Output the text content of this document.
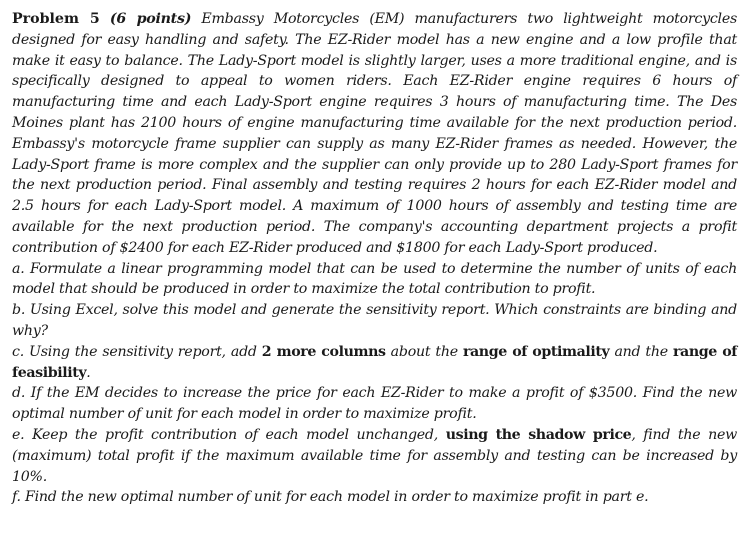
Problem 5 (6 points) Embassy Motorcycles (EM) manufacturers two lightweight motorcycles designed for easy handling and safety. The EZ-Rider model has a new engine and a low profile that make it easy to balance. The Lady-Sport model is slightly larger, uses a more traditional engine, and is specifically designed to appeal to women riders. Each EZ-Rider engine requires 6 hours of manufacturing time and each Lady-Sport engine requires 3 hours of manufacturing time. The Des Moines plant has 2100 hours of engine manufacturing time available for the next production period. Embassy's motorcycle frame supplier can supply as many EZ-Rider frames as needed. However, the Lady-Sport frame is more complex and the supplier can only provide up to 280 Lady-Sport frames for the next production period. Final assembly and testing requires 2 hours for each EZ-Rider model and 2.5 hours for each Lady-Sport model. A maximum of 1000 hours of assembly and testing time are available for the next production period. The company's accounting department projects a profit contribution of $2400 for each EZ-Rider produced and $1800 for each Lady-Sport produced.

a. Formulate a linear programming model that can be used to determine the number of units of each model that should be produced in order to maximize the total contribution to profit.

b. Using Excel, solve this model and generate the sensitivity report. Which constraints are binding and why?

c. Using the sensitivity report, add 2 more columns about the range of optimality and the range of feasibility.

d. If the EM decides to increase the price for each EZ-Rider to make a profit of $3500. Find the new optimal number of unit for each model in order to maximize profit.

e. Keep the profit contribution of each model unchanged, using the shadow price, find the new (maximum) total profit if the maximum available time for assembly and testing can be increased by 10%.

f. Find the new optimal number of unit for each model in order to maximize profit in part e.
